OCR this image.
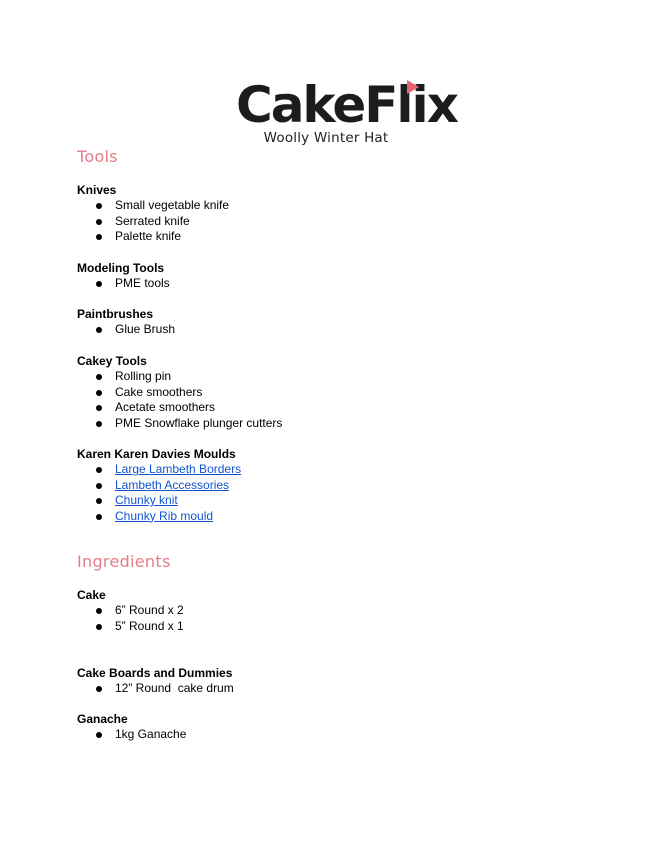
CakeFlix
Woolly Winter Hat
Tools
Knives
Small vegetable knife
Serrated knife
Palette knife
Modeling Tools
PME tools
Paintbrushes
Glue Brush
Cakey Tools
Rolling pin
Cake smoothers
Acetate smoothers
PME Snowflake plunger cutters
Karen Karen Davies Moulds
Large Lambeth Borders
Lambeth Accessories
Chunky knit
Chunky Rib mould
Ingredients
Cake
6” Round x 2
5” Round x 1
Cake Boards and Dummies
12” Round  cake drum
Ganache
1kg Ganache
